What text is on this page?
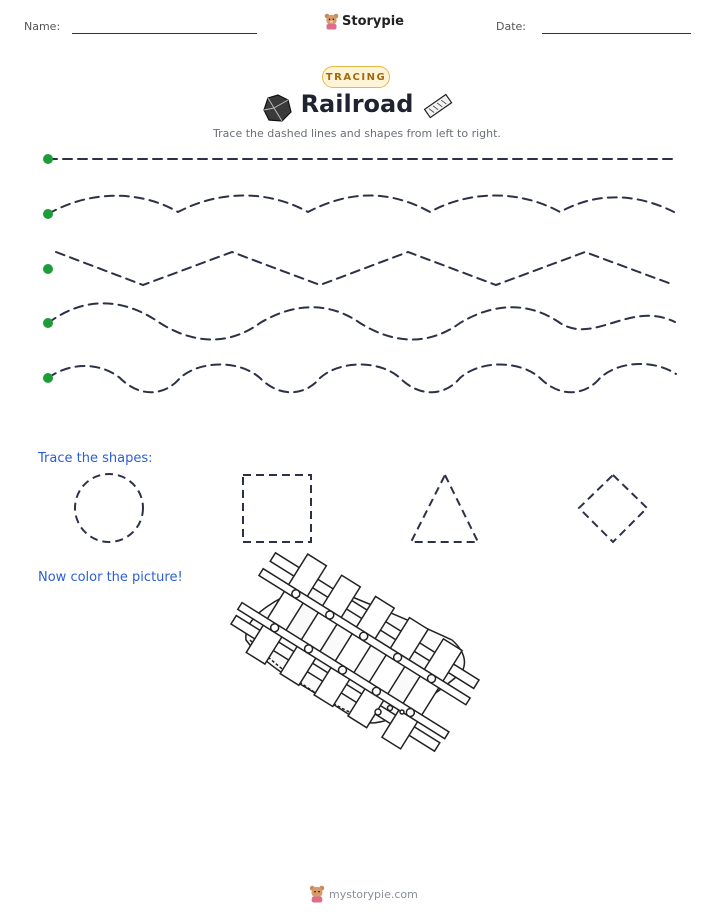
Name:	Date:
Storypie
TRACING
Railroad
Trace the dashed lines and shapes from left to right.
Trace the shapes:
Now color the picture!
mystorypie.com
